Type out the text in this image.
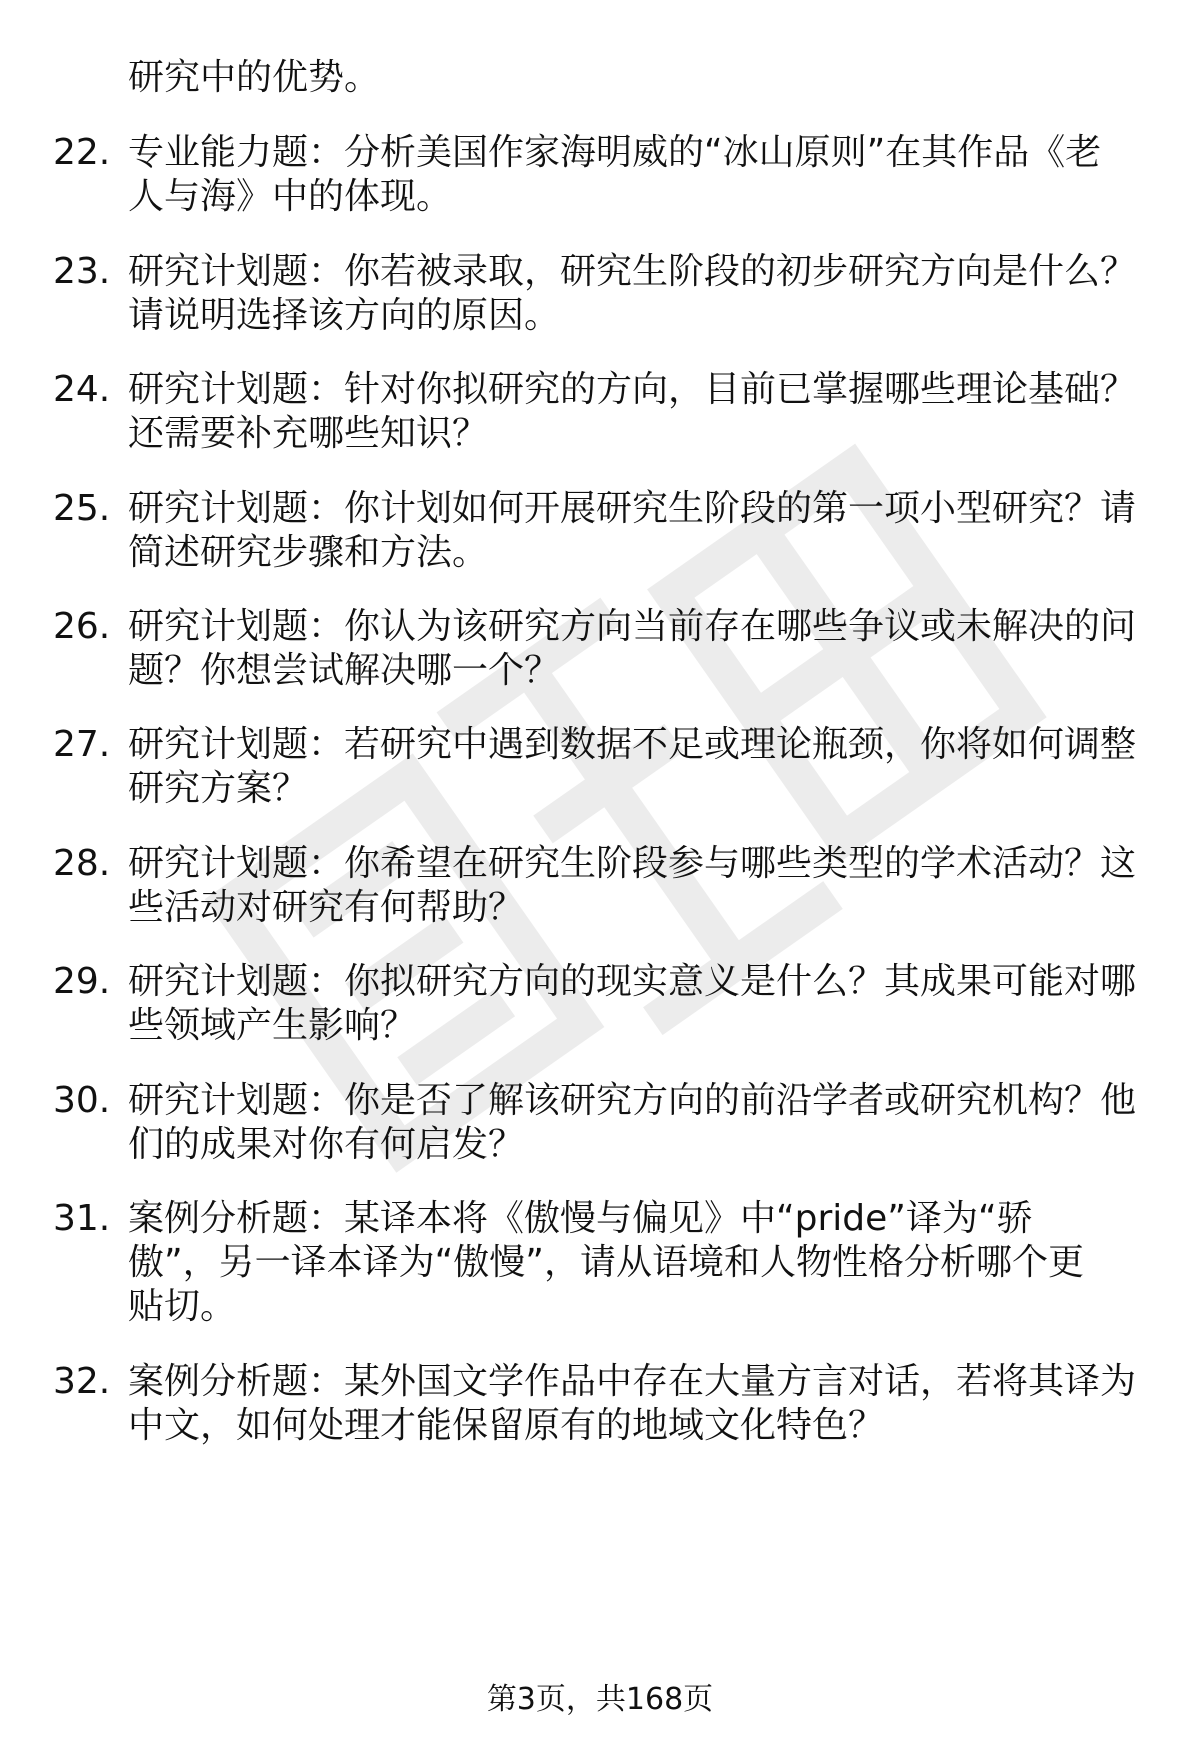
研究中的优势。
22. 专业能力题：分析美国作家海明威的“冰山原则”在其作品《老
人与海》中的体现。
23. 研究计划题：你若被录取，研究生阶段的初步研究方向是什么？
请说明选择该方向的原因。
24. 研究计划题：针对你拟研究的方向，目前已掌握哪些理论基础？
还需要补充哪些知识？
25. 研究计划题：你计划如何开展研究生阶段的第一项小型研究？请
简述研究步骤和方法。
26. 研究计划题：你认为该研究方向当前存在哪些争议或未解决的问
题？你想尝试解决哪一个？
27. 研究计划题：若研究中遇到数据不足或理论瓶颈，你将如何调整
研究方案？
28. 研究计划题：你希望在研究生阶段参与哪些类型的学术活动？这
些活动对研究有何帮助？
29. 研究计划题：你拟研究方向的现实意义是什么？其成果可能对哪
些领域产生影响？
30. 研究计划题：你是否了解该研究方向的前沿学者或研究机构？他
们的成果对你有何启发？
31. 案例分析题：某译本将《傲慢与偏见》中“pride”译为“骄
傲”，另一译本译为“傲慢”，请从语境和人物性格分析哪个更
贴切。
32. 案例分析题：某外国文学作品中存在大量方言对话，若将其译为
中文，如何处理才能保留原有的地域文化特色？
第3页，共168页
